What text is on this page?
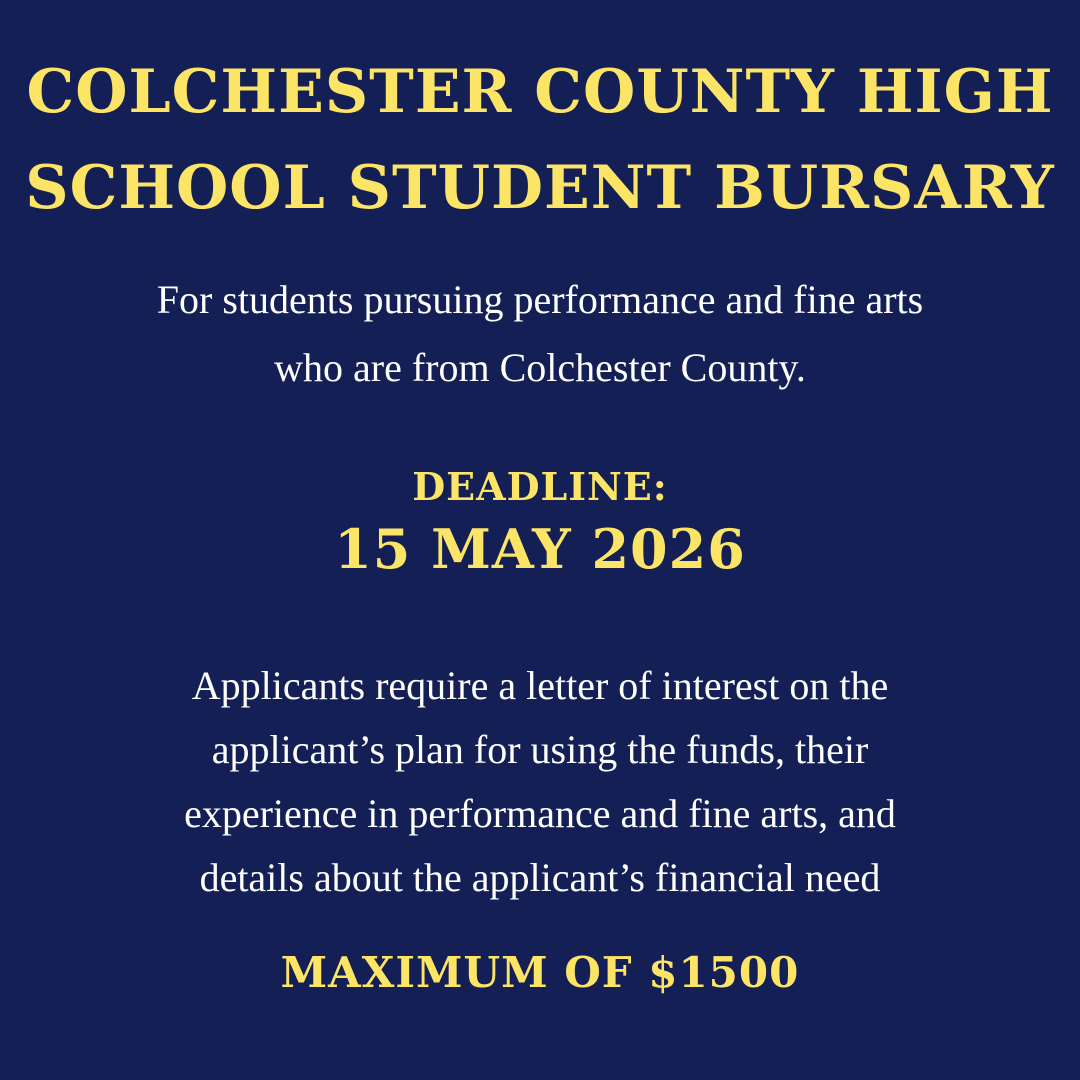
COLCHESTER COUNTY HIGH
SCHOOL STUDENT BURSARY
For students pursuing performance and fine arts
who are from Colchester County.
DEADLINE:
15 MAY 2026
Applicants require a letter of interest on the
applicant’s plan for using the funds, their
experience in performance and fine arts, and
details about the applicant’s financial need
MAXIMUM OF $1500
